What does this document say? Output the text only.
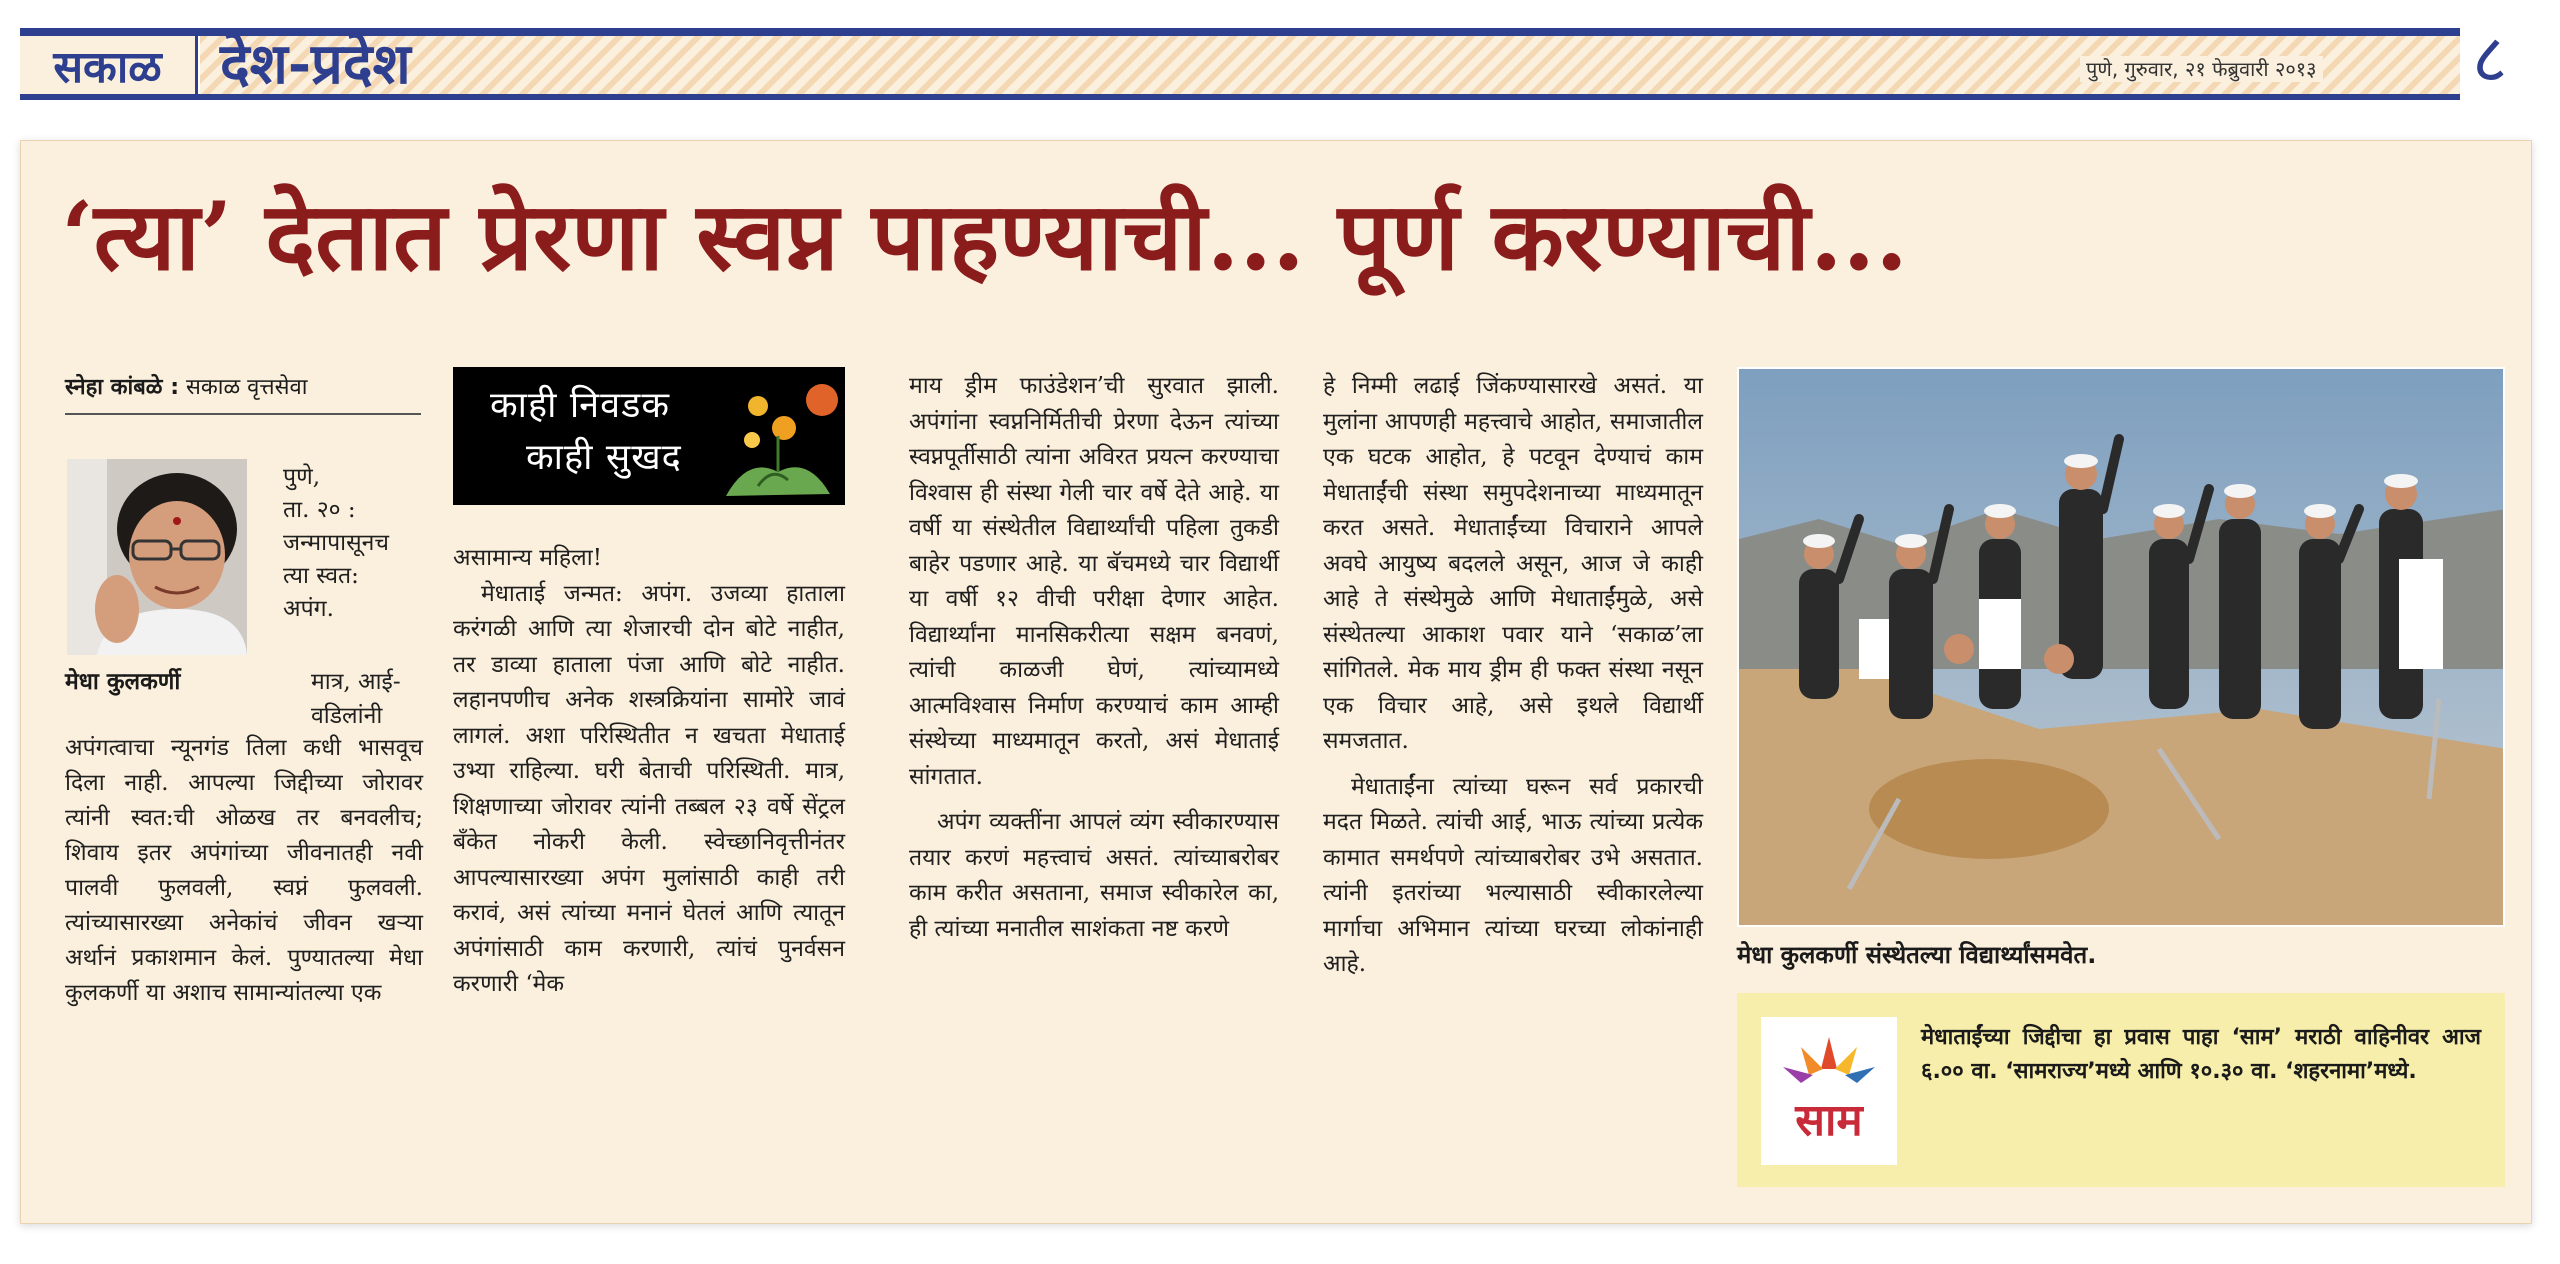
सकाळ	देश-प्रदेश	पुणे, गुरुवार, २१ फेब्रुवारी २०१३ ८
‘त्या’ देतात प्रेरणा स्वप्न पाहण्याची... पूर्ण करण्याची...
स्नेहा कांबळे : सकाळ वृत्तसेवा
पुणे,
ता. २० :
जन्मापासूनच
त्या स्वत:
अपंग.
मेधा कुलकर्णी	मात्र, आई-
वडिलांनी
अपंगत्वाचा न्यूनगंड तिला कधी भासवूच दिला नाही. आपल्या जिद्दीच्या जोरावर त्यांनी स्वत:ची ओळख तर बनवलीच; शिवाय इतर अपंगांच्या जीवनातही नवी पालवी फुलवली, स्वप्नं फुलवली. त्यांच्यासारख्या अनेकांचं जीवन खऱ्या अर्थानं प्रकाशमान केलं. पुण्यातल्या मेधा कुलकर्णी या अशाच सामान्यांतल्या एक
काही निवडक
काही सुखद

असामान्य महिला!

मेधाताई जन्मत: अपंग. उजव्या हाताला करंगळी आणि त्या शेजारची दोन बोटे नाहीत, तर डाव्या हाताला पंजा आणि बोटे नाहीत. लहानपणीच अनेक शस्त्रक्रियांना सामोरे जावं लागलं. अशा परिस्थितीत न खचता मेधाताई उभ्या राहिल्या. घरी बेताची परिस्थिती. मात्र, शिक्षणाच्या जोरावर त्यांनी तब्बल २३ वर्षे सेंट्रल बॅंकेत नोकरी केली. स्वेच्छानिवृत्तीनंतर आपल्यासारख्या अपंग मुलांसाठी काही तरी करावं, असं त्यांच्या मनानं घेतलं आणि त्यातून अपंगांसाठी काम करणारी, त्यांचं पुनर्वसन करणारी ‘मेक

माय ड्रीम फाउंडेशन’ची सुरवात झाली. अपंगांना स्वप्ननिर्मितीची प्रेरणा देऊन त्यांच्या स्वप्नपूर्तीसाठी त्यांना अविरत प्रयत्न करण्याचा विश्वास ही संस्था गेली चार वर्षे देते आहे. या वर्षी या संस्थेतील विद्यार्थ्यांची पहिला तुकडी बाहेर पडणार आहे. या बॅचमध्ये चार विद्यार्थी या वर्षी १२ वीची परीक्षा देणार आहेत. विद्यार्थ्यांना मानसिकरीत्या सक्षम बनवणं, त्यांची काळजी घेणं, त्यांच्यामध्ये आत्मविश्वास निर्माण करण्याचं काम आम्ही संस्थेच्या माध्यमातून करतो, असं मेधाताई सांगतात.

अपंग व्यक्तींना आपलं व्यंग स्वीकारण्यास तयार करणं महत्त्वाचं असतं. त्यांच्याबरोबर काम करीत असताना, समाज स्वीकारेल का, ही त्यांच्या मनातील साशंकता नष्ट करणे

हे निम्मी लढाई जिंकण्यासारखे असतं. या मुलांना आपणही महत्त्वाचे आहोत, समाजातील एक घटक आहोत, हे पटवून देण्याचं काम मेधाताईंची संस्था समुपदेशनाच्या माध्यमातून करत असते. मेधाताईंच्या विचाराने आपले अवघे आयुष्य बदलले असून, आज जे काही आहे ते संस्थेमुळे आणि मेधाताईंमुळे, असे संस्थेतल्या आकाश पवार याने ‘सकाळ’ला सांगितले. मेक माय ड्रीम ही फक्त संस्था नसून एक विचार आहे, असे इथले विद्यार्थी समजतात.

मेधाताईंना त्यांच्या घरून सर्व प्रकारची मदत मिळते. त्यांची आई, भाऊ त्यांच्या प्रत्येक कामात समर्थपणे त्यांच्याबरोबर उभे असतात. त्यांनी इतरांच्या भल्यासाठी स्वीकारलेल्या मार्गाचा अभिमान त्यांच्या घरच्या लोकांनाही आहे.	मेधा कुलकर्णी संस्थेतल्या विद्यार्थ्यांसमवेत.
साम
मेधाताईंच्या जिद्दीचा हा प्रवास पाहा ‘साम’ मराठी वाहिनीवर आज ६.०० वा. ‘सामराज्य’मध्ये आणि १०.३० वा. ‘शहरनामा’मध्ये.
